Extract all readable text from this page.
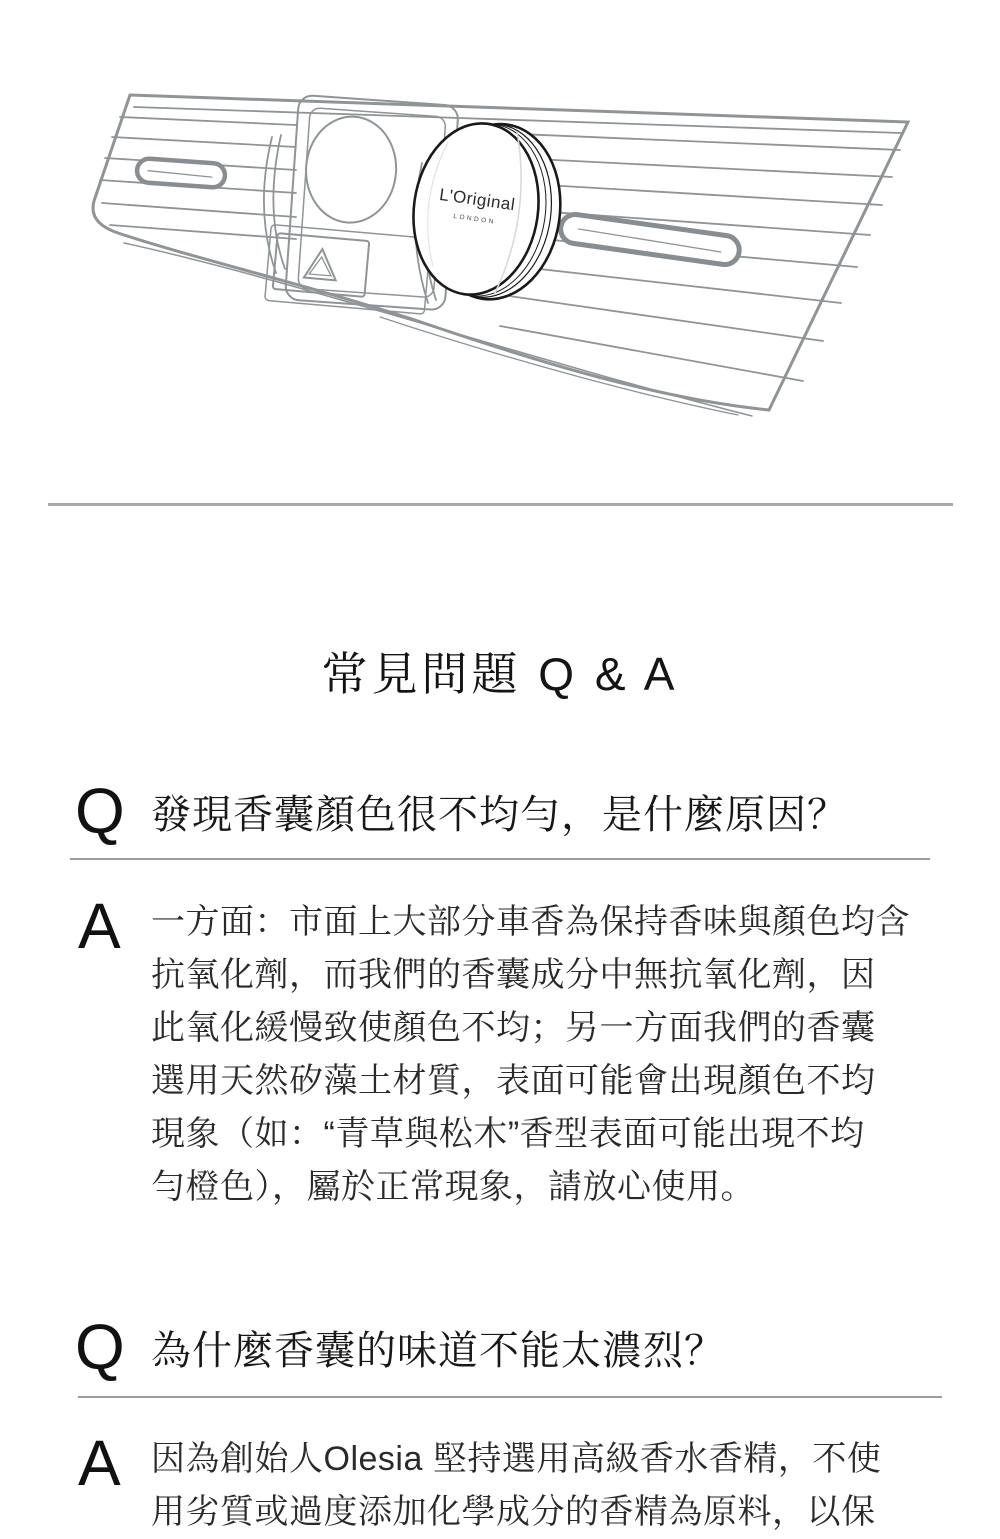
L'Original
LONDON
常見問題 Q & A
Q 發現香囊顏色很不均勻，是什麼原因？
A 一方面：市面上大部分車香為保持香味與顏色均含
抗氧化劑，而我們的香囊成分中無抗氧化劑，因
此氧化緩慢致使顏色不均；另一方面我們的香囊
選用天然矽藻土材質，表面可能會出現顏色不均
現象（如：“青草與松木”香型表面可能出現不均
勻橙色），屬於正常現象，請放心使用。
Q 為什麼香囊的味道不能太濃烈？
A 因為創始人Olesia 堅持選用高級香水香精，不使
用劣質或過度添加化學成分的香精為原料，以保
